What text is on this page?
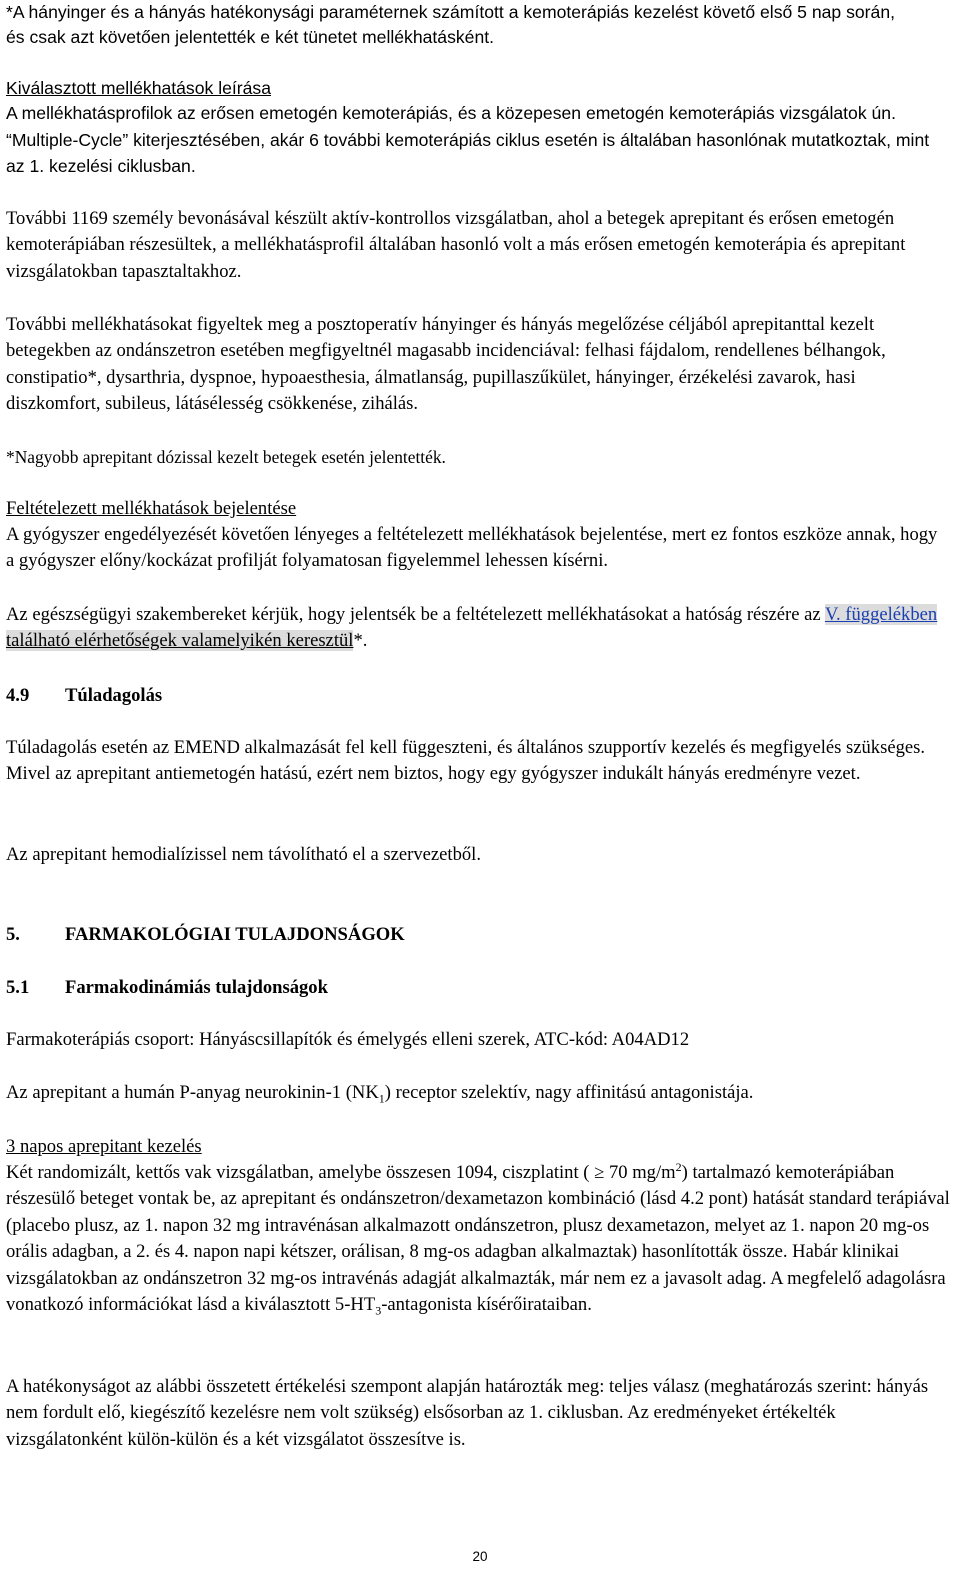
*A hányinger és a hányás hatékonysági paraméternek számított a kemoterápiás kezelést követő első 5 nap során,
és csak azt követően jelentették e két tünetet mellékhatásként.

Kiválasztott mellékhatások leírása

A mellékhatásprofilok az erősen emetogén kemoterápiás, és a közepesen emetogén kemoterápiás vizsgálatok ún. “Multiple-Cycle” kiterjesztésében, akár 6 további kemoterápiás ciklus esetén is általában hasonlónak mutatkoztak, mint az 1. kezelési ciklusban.

További 1169 személy bevonásával készült aktív-kontrollos vizsgálatban, ahol a betegek aprepitant és erősen emetogén kemoterápiában részesültek, a mellékhatásprofil általában hasonló volt a más erősen emetogén kemoterápia és aprepitant vizsgálatokban tapasztaltakhoz.

További mellékhatásokat figyeltek meg a posztoperatív hányinger és hányás megelőzése céljából aprepitanttal kezelt betegekben az ondánszetron esetében megfigyeltnél magasabb incidenciával: felhasi fájdalom, rendellenes bélhangok, constipatio*, dysarthria, dyspnoe, hypoaesthesia, álmatlanság, pupillaszűkület, hányinger, érzékelési zavarok, hasi diszkomfort, subileus, látásélesség csökkenése, zihálás.

*Nagyobb aprepitant dózissal kezelt betegek esetén jelentették.

Feltételezett mellékhatások bejelentése

A gyógyszer engedélyezését követően lényeges a feltételezett mellékhatások bejelentése, mert ez fontos eszköze annak, hogy a gyógyszer előny/kockázat profilját folyamatosan figyelemmel lehessen kísérni.

Az egészségügyi szakembereket kérjük, hogy jelentsék be a feltételezett mellékhatásokat a hatóság részére az V. függelékben található elérhetőségek valamelyikén keresztül*.

4.9 Túladagolás

Túladagolás esetén az EMEND alkalmazását fel kell függeszteni, és általános szupportív kezelés és megfigyelés szükséges. Mivel az aprepitant antiemetogén hatású, ezért nem biztos, hogy egy gyógyszer indukált hányás eredményre vezet.

Az aprepitant hemodialízissel nem távolítható el a szervezetből.

5. FARMAKOLÓGIAI TULAJDONSÁGOK

5.1 Farmakodinámiás tulajdonságok

Farmakoterápiás csoport: Hányáscsillapítók és émelygés elleni szerek, ATC-kód: A04AD12

Az aprepitant a humán P-anyag neurokinin-1 $(NK_1)$ receptor szelektív, nagy affinitású antagonistája.

3 napos aprepitant kezelés

Két randomizált, kettős vak vizsgálatban, amelybe összesen 1094, ciszplatint ( ≥ 70 $mg/m^2$) tartalmazó kemoterápiában részesülő beteget vontak be, az aprepitant és ondánszetron/dexametazon kombináció (lásd 4.2 pont) hatását standard terápiával (placebo plusz, az 1. napon 32 mg intravénásan alkalmazott ondánszetron, plusz dexametazon, melyet az 1. napon 20 mg-os orális adagban, a 2. és 4. napon napi kétszer, orálisan, 8 mg-os adagban alkalmaztak) hasonlították össze. Habár klinikai vizsgálatokban az ondánszetron 32 mg-os intravénás adagját alkalmazták, már nem ez a javasolt adag. A megfelelő adagolásra vonatkozó információkat lásd a kiválasztott $5-HT_3$-antagonista kísérőirataiban.

A hatékonyságot az alábbi összetett értékelési szempont alapján határozták meg: teljes válasz (meghatározás szerint: hányás nem fordult elő, kiegészítő kezelésre nem volt szükség) elsősorban az 1. ciklusban. Az eredményeket értékelték vizsgálatonként külön-külön és a két vizsgálatot összesítve is.

20
